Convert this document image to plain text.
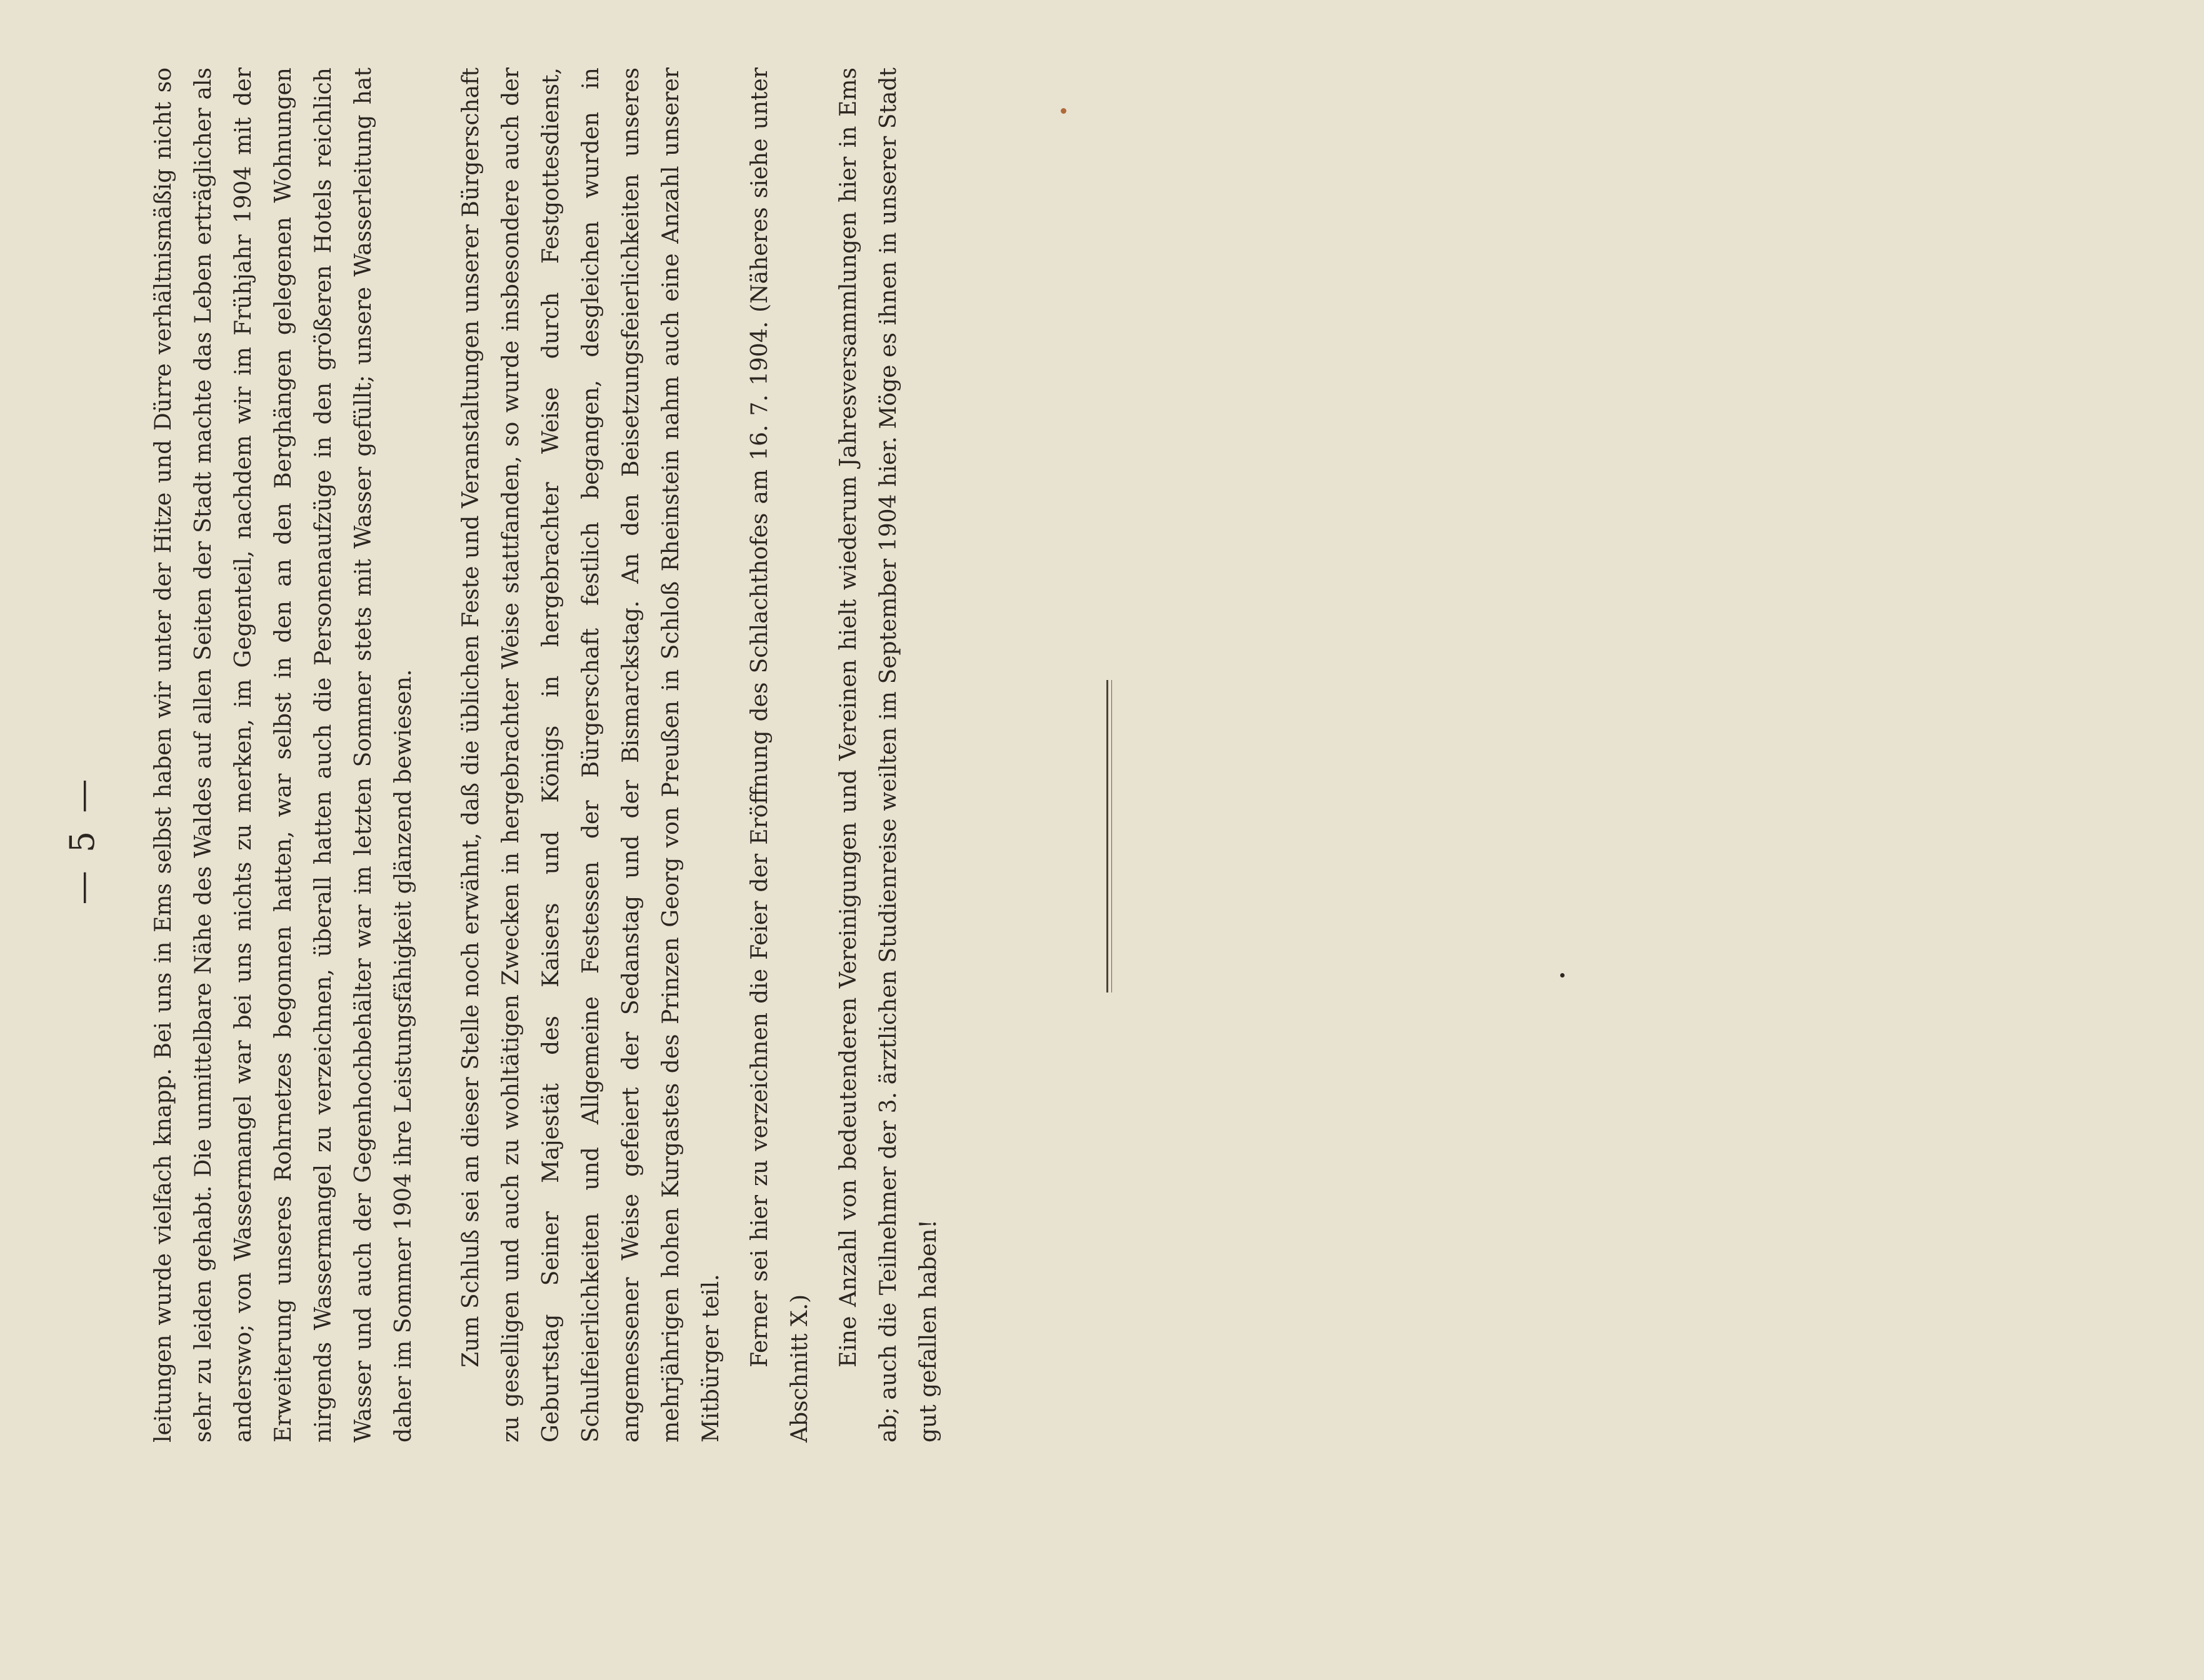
— 5 —	leitungen wurde vielfach knapp. Bei uns in Ems selbst haben wir unter der Hitze und Dürre verhältnismäßig nicht so sehr zu leiden gehabt. Die unmittelbare Nähe des Waldes auf allen Seiten der Stadt machte das Leben erträglicher als anderswo; von Wassermangel war bei uns nichts zu merken, im Gegenteil, nachdem wir im Frühjahr 1904 mit der Erweiterung unseres Rohrnetzes begonnen hatten, war selbst in den an den Berghängen gelegenen Wohnungen nirgends Wassermangel zu verzeichnen, überall hatten auch die Personenaufzüge in den größeren Hotels reichlich Wasser und auch der Gegenhochbehälter war im letzten Sommer stets mit Wasser gefüllt; unsere Wasserleitung hat daher im Sommer 1904 ihre Leistungsfähigkeit glänzend bewiesen.	Zum Schluß sei an dieser Stelle noch erwähnt, daß die üblichen Feste und Veranstaltungen unserer Bürgerschaft zu geselligen und auch zu wohltätigen Zwecken in hergebrachter Weise stattfanden, so wurde insbesondere auch der Geburtstag Seiner Majestät des Kaisers und Königs in hergebrachter Weise durch Festgottesdienst, Schulfeierlichkeiten und Allgemeine Festessen der Bürgerschaft festlich begangen, desgleichen wurden in angemessener Weise gefeiert der Sedanstag und der Bismarckstag. An den Beisetzungsfeierlichkeiten unseres mehrjährigen hohen Kurgastes des Prinzen Georg von Preußen in Schloß Rheinstein nahm auch eine Anzahl unserer Mitbürger teil.	Ferner sei hier zu verzeichnen die Feier der Eröffnung des Schlachthofes am 16. 7. 1904. (Näheres siehe unter Abschnitt X.)

Eine Anzahl von bedeutenderen Vereinigungen und Vereinen hielt wiederum Jahresversammlungen hier in Ems ab; auch die Teilnehmer der 3. ärztlichen Studienreise weilten im September 1904 hier. Möge es ihnen in unserer Stadt gut gefallen haben!
